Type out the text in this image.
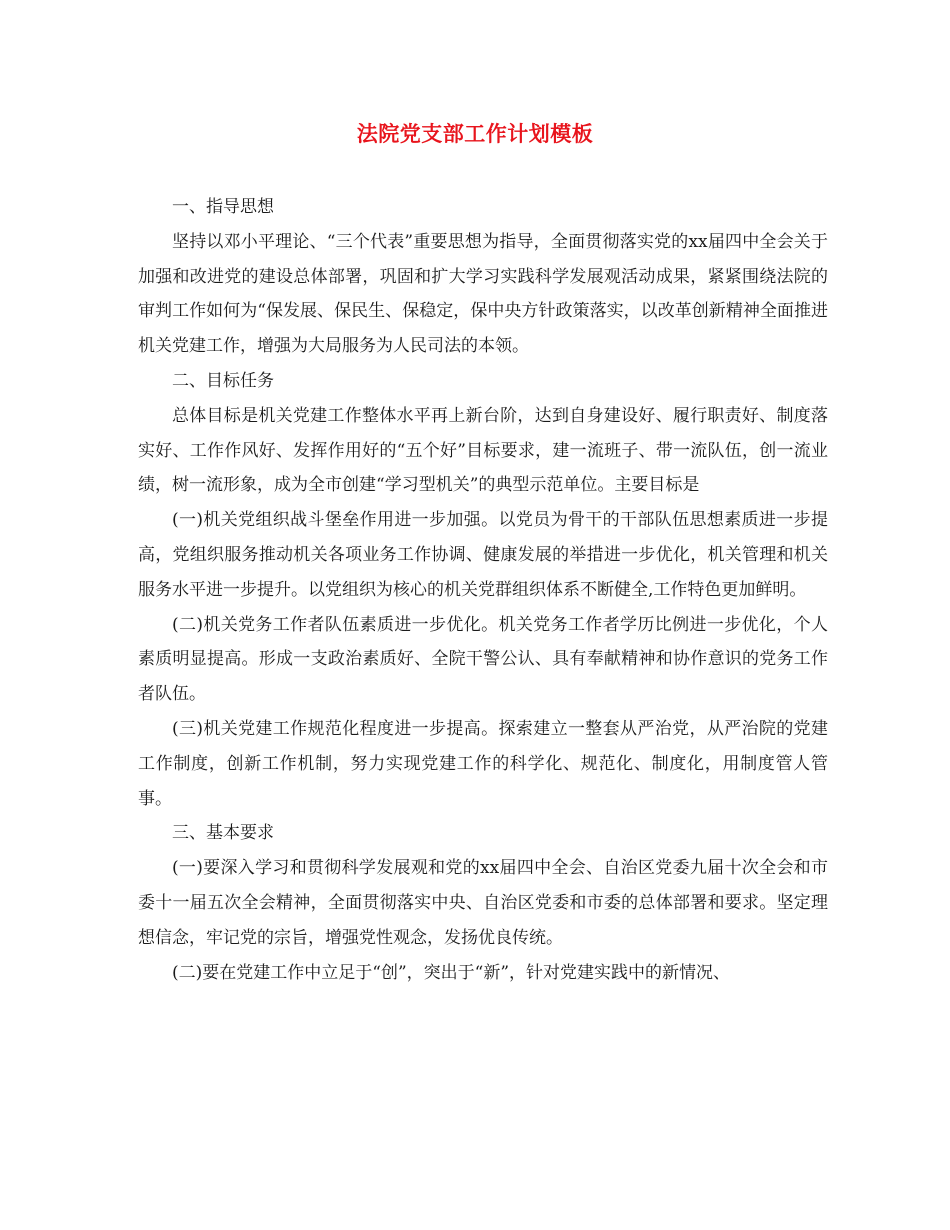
法院党支部工作计划模板

一、指导思想

坚持以邓小平理论、“三个代表”重要思想为指导，全面贯彻落实党的xx届四中全会关于加强和改进党的建设总体部署，巩固和扩大学习实践科学发展观活动成果，紧紧围绕法院的审判工作如何为“保发展、保民生、保稳定，保中央方针政策落实，以改革创新精神全面推进机关党建工作，增强为大局服务为人民司法的本领。

二、目标任务

总体目标是机关党建工作整体水平再上新台阶，达到自身建设好、履行职责好、制度落实好、工作作风好、发挥作用好的“五个好”目标要求，建一流班子、带一流队伍，创一流业绩，树一流形象，成为全市创建“学习型机关”的典型示范单位。主要目标是

(一)机关党组织战斗堡垒作用进一步加强。以党员为骨干的干部队伍思想素质进一步提高，党组织服务推动机关各项业务工作协调、健康发展的举措进一步优化，机关管理和机关服务水平进一步提升。以党组织为核心的机关党群组织体系不断健全,工作特色更加鲜明。

(二)机关党务工作者队伍素质进一步优化。机关党务工作者学历比例进一步优化，个人素质明显提高。形成一支政治素质好、全院干警公认、具有奉献精神和协作意识的党务工作者队伍。

(三)机关党建工作规范化程度进一步提高。探索建立一整套从严治党，从严治院的党建工作制度，创新工作机制，努力实现党建工作的科学化、规范化、制度化，用制度管人管事。

三、基本要求

(一)要深入学习和贯彻科学发展观和党的xx届四中全会、自治区党委九届十次全会和市委十一届五次全会精神，全面贯彻落实中央、自治区党委和市委的总体部署和要求。坚定理想信念，牢记党的宗旨，增强党性观念，发扬优良传统。

(二)要在党建工作中立足于“创”，突出于“新”，针对党建实践中的新情况、
